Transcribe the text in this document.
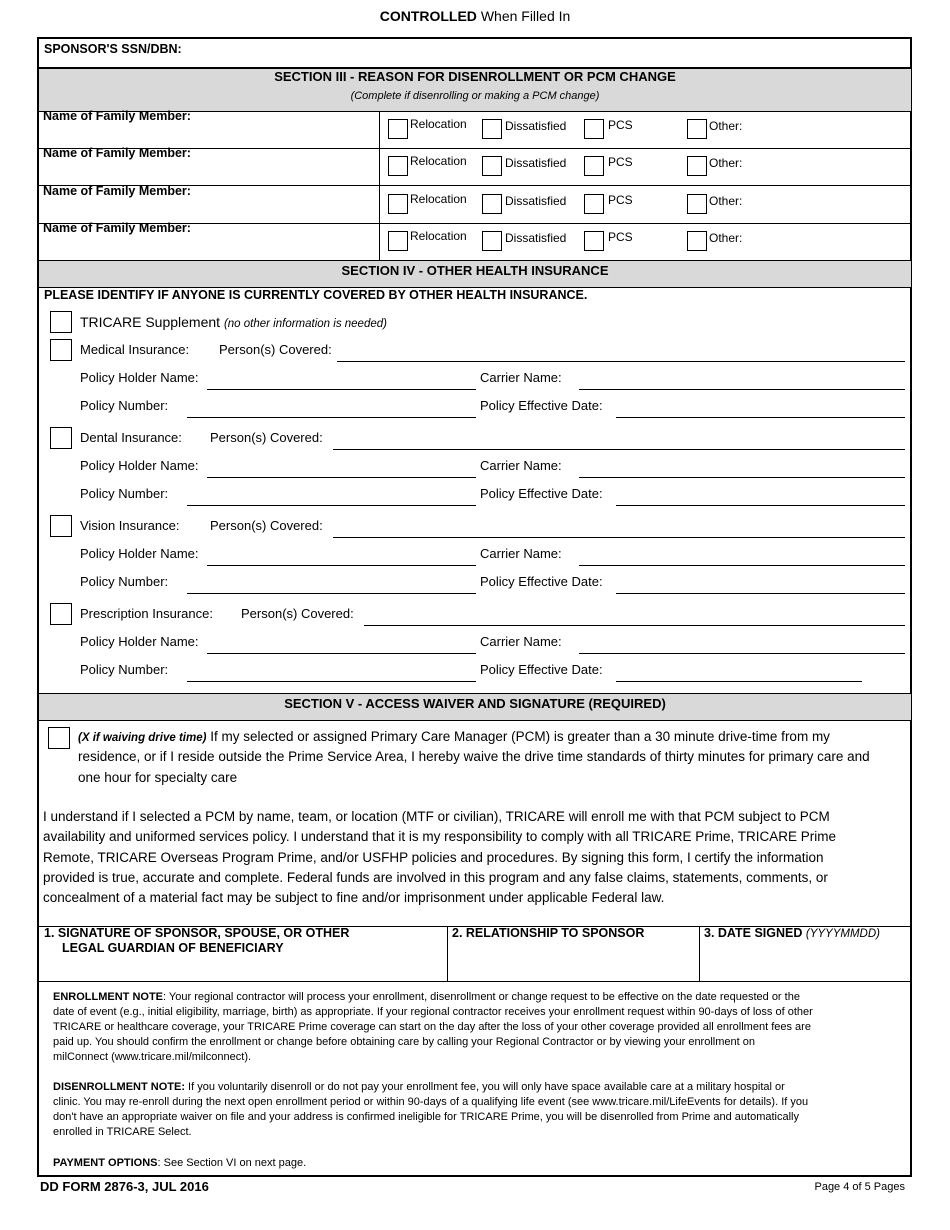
CONTROLLED When Filled In
SPONSOR'S SSN/DBN:
SECTION III - REASON FOR DISENROLLMENT OR PCM CHANGE
(Complete if disenrolling or making a PCM change)
Name of Family Member:
Relocation	Dissatisfied	PCS	Other:
Name of Family Member:
Relocation	Dissatisfied	PCS	Other:
Name of Family Member:
Relocation	Dissatisfied	PCS	Other:
Name of Family Member:
Relocation	Dissatisfied	PCS	Other:
SECTION IV - OTHER HEALTH INSURANCE
PLEASE IDENTIFY IF ANYONE IS CURRENTLY COVERED BY OTHER HEALTH INSURANCE.
TRICARE Supplement (no other information is needed)
Medical Insurance: Person(s) Covered:
Policy Holder Name:	Carrier Name:
Policy Number:	Policy Effective Date:
Dental Insurance: Person(s) Covered:
Policy Holder Name:	Carrier Name:
Policy Number:	Policy Effective Date:
Vision Insurance: Person(s) Covered:
Policy Holder Name:	Carrier Name:
Policy Number:	Policy Effective Date:
Prescription Insurance: Person(s) Covered:
Policy Holder Name:	Carrier Name:
Policy Number:	Policy Effective Date:
SECTION V - ACCESS WAIVER AND SIGNATURE (REQUIRED)
(X if waiving drive time) If my selected or assigned Primary Care Manager (PCM) is greater than a 30 minute drive-time from my
residence, or if I reside outside the Prime Service Area, I hereby waive the drive time standards of thirty minutes for primary care and
one hour for specialty care
I understand if I selected a PCM by name, team, or location (MTF or civilian), TRICARE will enroll me with that PCM subject to PCM
availability and uniformed services policy. I understand that it is my responsibility to comply with all TRICARE Prime, TRICARE Prime
Remote, TRICARE Overseas Program Prime, and/or USFHP policies and procedures. By signing this form, I certify the information
provided is true, accurate and complete. Federal funds are involved in this program and any false claims, statements, comments, or
concealment of a material fact may be subject to fine and/or imprisonment under applicable Federal law.
1. SIGNATURE OF SPONSOR, SPOUSE, OR OTHER
LEGAL GUARDIAN OF BENEFICIARY
2. RELATIONSHIP TO SPONSOR	3. DATE SIGNED (YYYYMMDD)
ENROLLMENT NOTE: Your regional contractor will process your enrollment, disenrollment or change request to be effective on the date requested or the
date of event (e.g., initial eligibility, marriage, birth) as appropriate. If your regional contractor receives your enrollment request within 90-days of loss of other
TRICARE or healthcare coverage, your TRICARE Prime coverage can start on the day after the loss of your other coverage provided all enrollment fees are
paid up. You should confirm the enrollment or change before obtaining care by calling your Regional Contractor or by viewing your enrollment on
milConnect (www.tricare.mil/milconnect).
DISENROLLMENT NOTE: If you voluntarily disenroll or do not pay your enrollment fee, you will only have space available care at a military hospital or
clinic. You may re-enroll during the next open enrollment period or within 90-days of a qualifying life event (see www.tricare.mil/LifeEvents for details). If you
don't have an appropriate waiver on file and your address is confirmed ineligible for TRICARE Prime, you will be disenrolled from Prime and automatically
enrolled in TRICARE Select.
PAYMENT OPTIONS: See Section VI on next page.
DD FORM 2876-3, JUL 2016	Page 4 of 5 Pages
